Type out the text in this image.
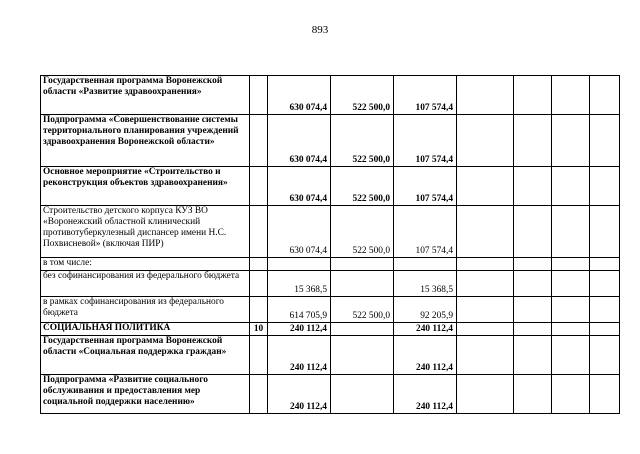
893
Государственная программа Воронежской области «Развитие здравоохранения»		630 074,4	522 500,0	107 574,4				
Подпрограмма «Совершенствование системы территориального планирования учреждений здравоохранения Воронежской области»		630 074,4	522 500,0	107 574,4				
Основное мероприятие «Строительство и реконструкция объектов здравоохранения»		630 074,4	522 500,0	107 574,4				
Строительство детского корпуса КУЗ ВО «Воронежский областной клинический противотуберкулезный диспансер имени Н.С. Похвисневой» (включая ПИР)		630 074,4	522 500,0	107 574,4				
в том числе:								
без софинансирования из федерального бюджета		15 368,5		15 368,5				
в рамках софинансирования из федерального бюджета		614 705,9	522 500,0	92 205,9				
СОЦИАЛЬНАЯ ПОЛИТИКА	10	240 112,4		240 112,4				
Государственная программа Воронежской области «Социальная поддержка граждан»		240 112,4		240 112,4				
Подпрограмма «Развитие социального обслуживания и предоставления мер социальной поддержки населению»		240 112,4		240 112,4				
